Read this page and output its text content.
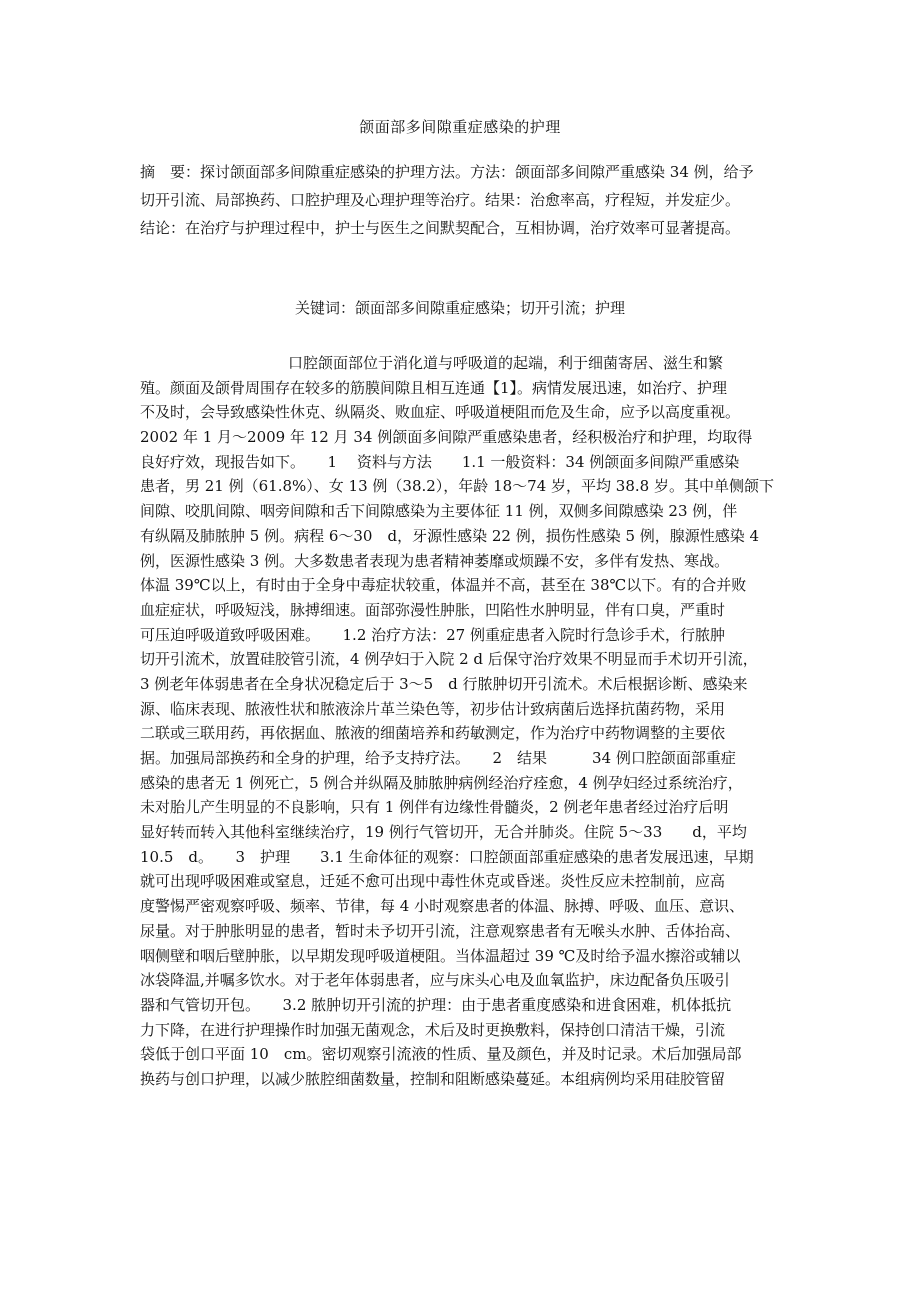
颌面部多间隙重症感染的护理
摘　要：探讨颌面部多间隙重症感染的护理方法。方法：颌面部多间隙严重感染 34 例，给予
切开引流、局部换药、口腔护理及心理护理等治疗。结果：治愈率高，疗程短，并发症少。
结论：在治疗与护理过程中，护士与医生之间默契配合，互相协调，治疗效率可显著提高。
关键词：颌面部多间隙重症感染；切开引流；护理
口腔颌面部位于消化道与呼吸道的起端，利于细菌寄居、滋生和繁
殖。颜面及颌骨周围存在较多的筋膜间隙且相互连通【1】。病情发展迅速，如治疗、护理
不及时，会导致感染性休克、纵隔炎、败血症、呼吸道梗阻而危及生命，应予以高度重视。
2002 年 1 月～2009 年 12 月 34 例颌面多间隙严重感染患者，经积极治疗和护理，均取得
良好疗效，现报告如下。　　1　 资料与方法　　1.1 一般资料：34 例颌面多间隙严重感染
患者，男 21 例（61.8%）、女 13 例（38.2），年龄 18～74 岁，平均 38.8 岁。其中单侧颌下
间隙、咬肌间隙、咽旁间隙和舌下间隙感染为主要体征 11 例，双侧多间隙感染 23 例，伴
有纵隔及肺脓肿 5 例。病程 6～30　d，牙源性感染 22 例，损伤性感染 5 例，腺源性感染 4
例，医源性感染 3 例。大多数患者表现为患者精神萎靡或烦躁不安，多伴有发热、寒战。
体温 39℃以上，有时由于全身中毒症状较重，体温并不高，甚至在 38℃以下。有的合并败
血症症状，呼吸短浅，脉搏细速。面部弥漫性肿胀，凹陷性水肿明显，伴有口臭，严重时
可压迫呼吸道致呼吸困难。　　1.2 治疗方法：27 例重症患者入院时行急诊手术，行脓肿
切开引流术，放置硅胶管引流，4 例孕妇于入院 2 d 后保守治疗效果不明显而手术切开引流，
3 例老年体弱患者在全身状况稳定后于 3～5　d 行脓肿切开引流术。术后根据诊断、感染来
源、临床表现、脓液性状和脓液涂片革兰染色等，初步估计致病菌后选择抗菌药物，采用
二联或三联用药，再依据血、脓液的细菌培养和药敏测定，作为治疗中药物调整的主要依
据。加强局部换药和全身的护理，给予支持疗法。　　2　结果　　　34 例口腔颌面部重症
感染的患者无 1 例死亡，5 例合并纵隔及肺脓肿病例经治疗痊愈，4 例孕妇经过系统治疗，
未对胎儿产生明显的不良影响，只有 1 例伴有边缘性骨髓炎，2 例老年患者经过治疗后明
显好转而转入其他科室继续治疗，19 例行气管切开，无合并肺炎。住院 5～33　　d，平均
10.5　d。　　3　护理　　3.1 生命体征的观察：口腔颌面部重症感染的患者发展迅速，早期
就可出现呼吸困难或窒息，迁延不愈可出现中毒性休克或昏迷。炎性反应未控制前，应高
度警惕严密观察呼吸、频率、节律，每 4 小时观察患者的体温、脉搏、呼吸、血压、意识、
尿量。对于肿胀明显的患者，暂时未予切开引流，注意观察患者有无喉头水肿、舌体抬高、
咽侧壁和咽后壁肿胀，以早期发现呼吸道梗阻。当体温超过 39 ℃及时给予温水擦浴或辅以
冰袋降温,并嘱多饮水。对于老年体弱患者，应与床头心电及血氧监护，床边配备负压吸引
器和气管切开包。　　3.2 脓肿切开引流的护理：由于患者重度感染和进食困难，机体抵抗
力下降，在进行护理操作时加强无菌观念，术后及时更换敷料，保持创口清洁干燥，引流
袋低于创口平面 10　cm。密切观察引流液的性质、量及颜色，并及时记录。术后加强局部
换药与创口护理，以减少脓腔细菌数量，控制和阻断感染蔓延。本组病例均采用硅胶管留
